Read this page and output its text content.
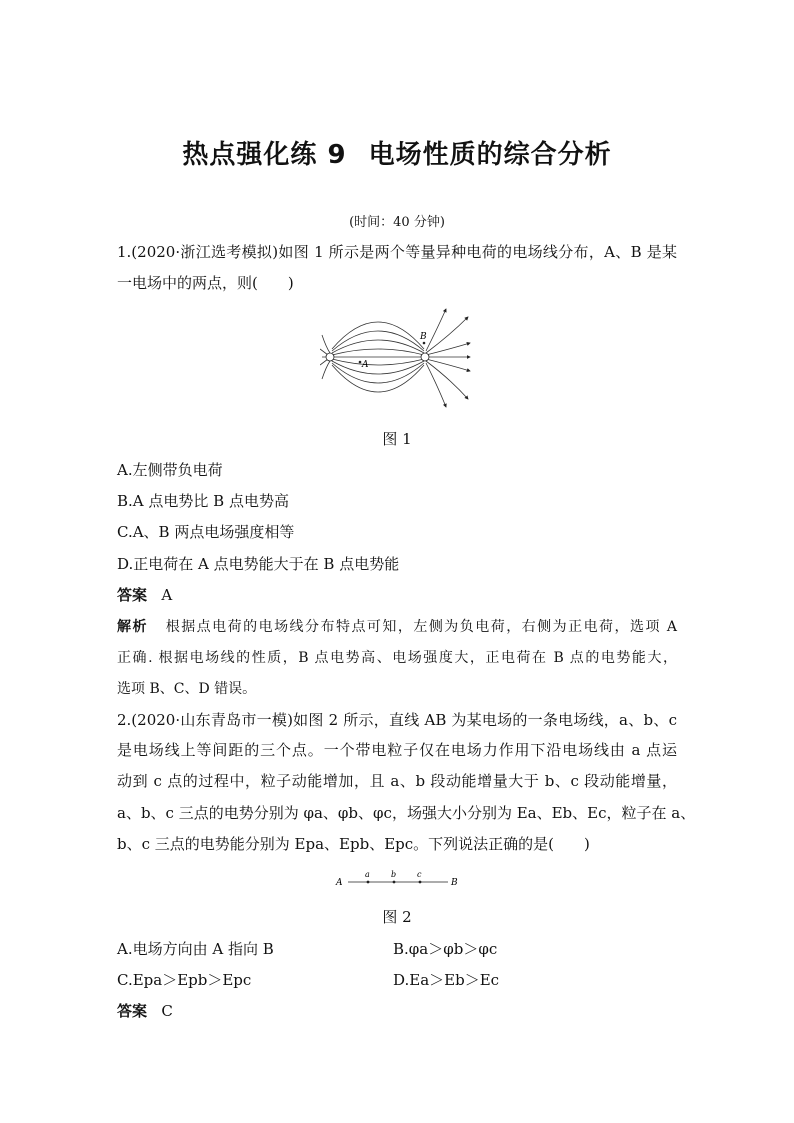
热点强化练 9 电场性质的综合分析
(时间：40 分钟)
1.(2020·浙江选考模拟)如图 1 所示是两个等量异种电荷的电场线分布，A、B 是某
一电场中的两点，则(　　)
A
B
图 1
A.左侧带负电荷
B.A 点电势比 B 点电势高
C.A、B 两点电场强度相等
D.正电荷在 A 点电势能大于在 B 点电势能
答案 A
解析 根据点电荷的电场线分布特点可知，左侧为负电荷，右侧为正电荷，选项 A
正确. 根据电场线的性质，B 点电势高、电场强度大，正电荷在 B 点的电势能大，
选项 B、C、D 错误。
2.(2020·山东青岛市一模)如图 2 所示，直线 AB 为某电场的一条电场线，a、b、c
是电场线上等间距的三个点。一个带电粒子仅在电场力作用下沿电场线由 a 点运
动到 c 点的过程中，粒子动能增加，且 a、b 段动能增量大于 b、c 段动能增量，
a、b、c 三点的电势分别为 φa、φb、φc，场强大小分别为 Ea、Eb、Ec，粒子在 a、
b、c 三点的电势能分别为 Epa、Epb、Epc。下列说法正确的是(　　)
A
a	b	c
B
图 2
A.电场方向由 A 指向 B	B.φa＞φb＞φc
C.Epa＞Epb＞Epc	D.Ea＞Eb＞Ec
答案 C
